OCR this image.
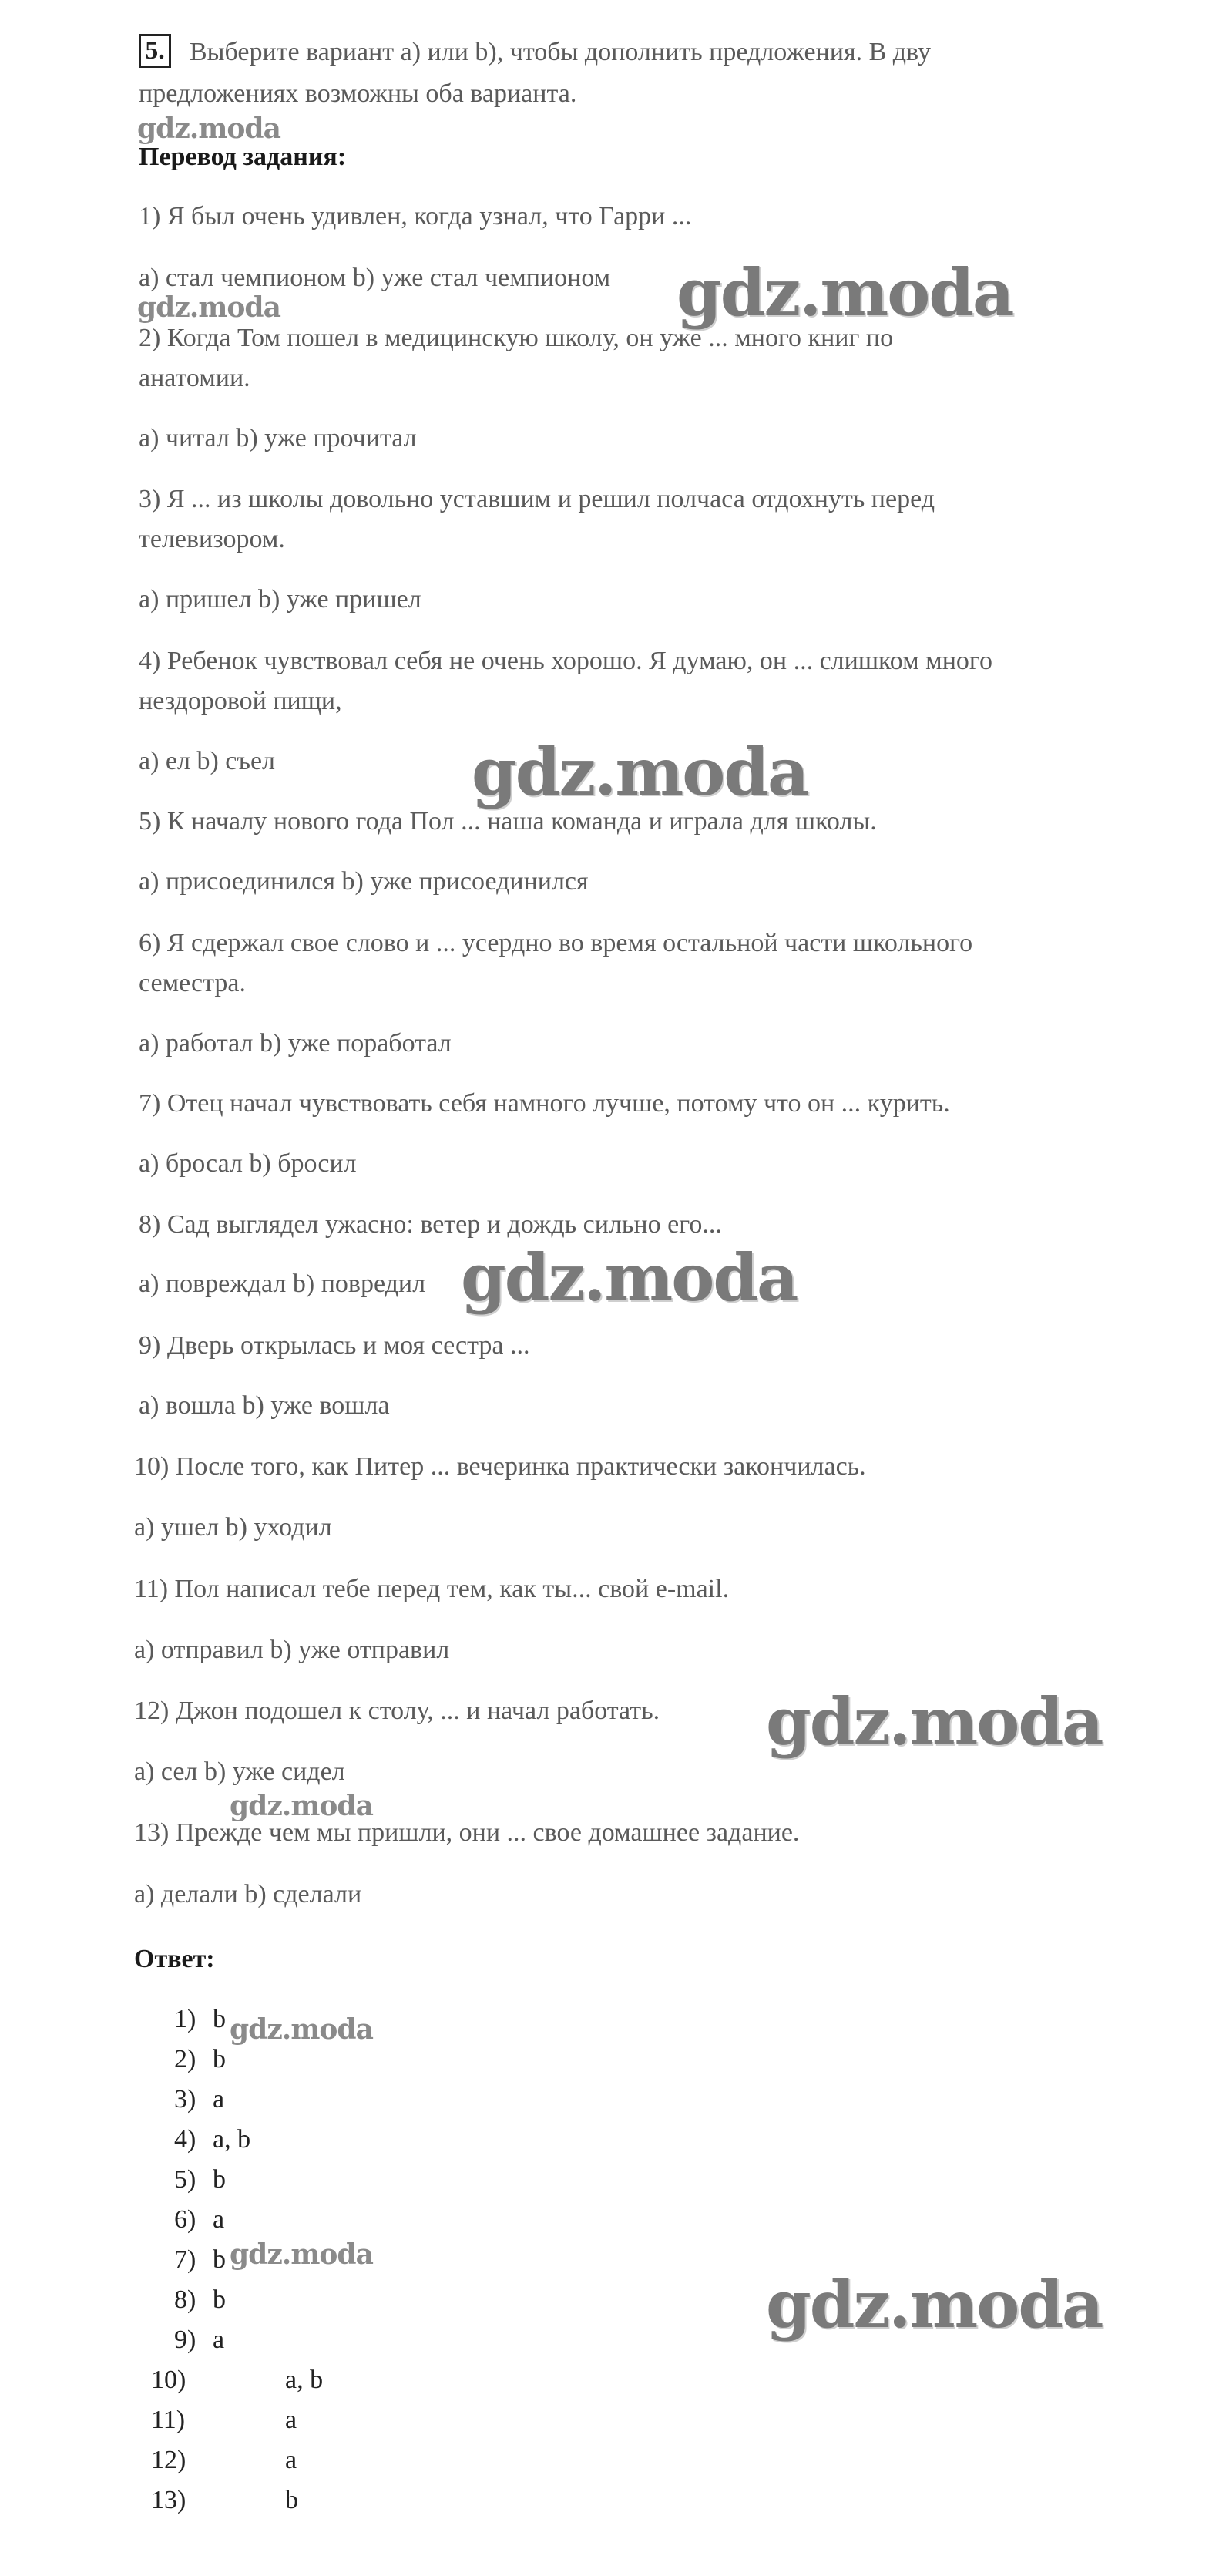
5. Выберите вариант a) или b), чтобы дополнить предложения. В дву
предложениях возможны оба варианта.
Перевод задания:
1) Я был очень удивлен, когда узнал, что Гарри ...
a) стал чемпионом b) уже стал чемпионом
2) Когда Том пошел в медицинскую школу, он уже ... много книг по
анатомии.
a) читал b) уже прочитал
3) Я ... из школы довольно уставшим и решил полчаса отдохнуть перед
телевизором.
a) пришел b) уже пришел
4) Ребенок чувствовал себя не очень хорошо. Я думаю, он ... слишком много
нездоровой пищи,
a) ел b) съел
5) К началу нового года Пол ... наша команда и играла для школы.
a) присоединился b) уже присоединился
6) Я сдержал свое слово и ... усердно во время остальной части школьного
семестра.
a) работал b) уже поработал
7) Отец начал чувствовать себя намного лучше, потому что он ... курить.
a) бросал b) бросил
8) Сад выглядел ужасно: ветер и дождь сильно его...
a) повреждал b) повредил
9) Дверь открылась и моя сестра ...
a) вошла b) уже вошла
10) После того, как Питер ... вечеринка практически закончилась.
a) ушел b) уходил
11) Пол написал тебе перед тем, как ты... свой e-mail.
a) отправил b) уже отправил
12) Джон подошел к столу, ... и начал работать.
a) сел b) уже сидел
13) Прежде чем мы пришли, они ... свое домашнее задание.
a) делали b) сделали
Ответ:
1) b
2) b
3) a
4) a, b
5) b
6) a
7) b
8) b
9) a
10)	a, b
11)	a
12)	a
13)	b
gdz.moda
gdz.moda	gdz.moda
gdz.moda
gdz.moda
gdz.moda
gdz.moda
gdz.moda
gdz.moda
gdz.moda
